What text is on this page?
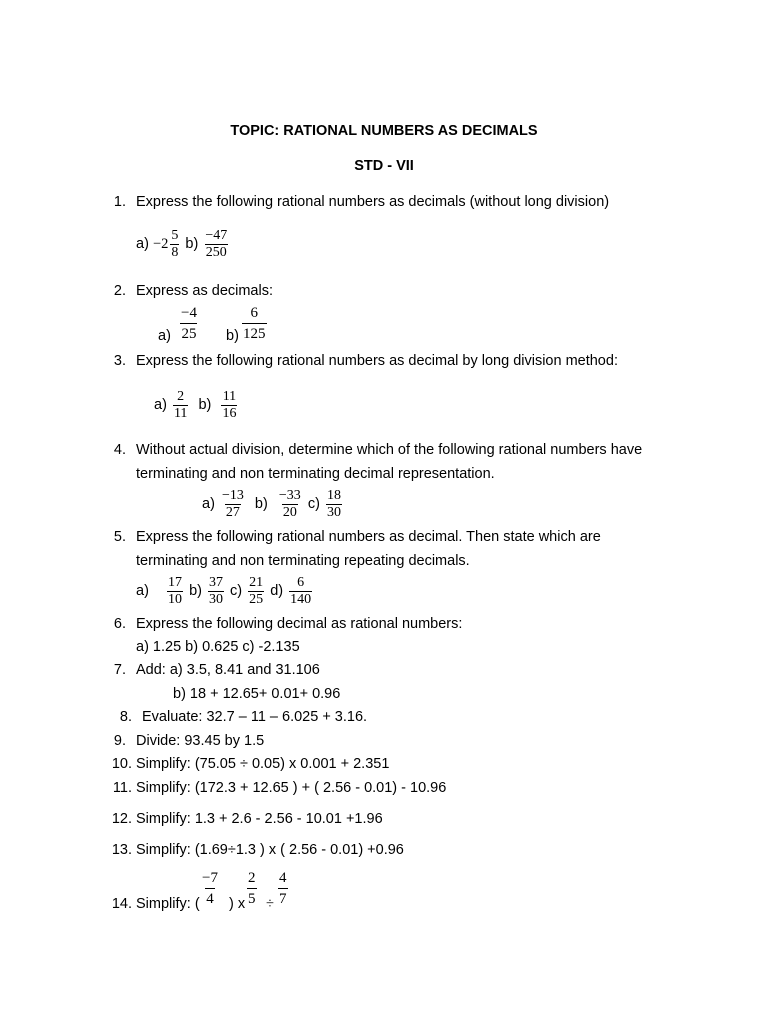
TOPIC: RATIONAL NUMBERS AS DECIMALS
STD - VII
1. Express the following rational numbers as decimals (without long division)
$a) -2 \frac{5}{8} b) \frac{-47}{250}$
2. Express as decimals:
$a) \frac{-4}{25} b) \frac{6}{125}$
3. Express the following rational numbers as decimal by long division method:
$a) \frac{2}{11} b) \frac{11}{16}$
4. Without actual division, determine which of the following rational numbers have
terminating and non terminating decimal representation.
$a) \frac{-13}{27} b) \frac{-33}{20} c) \frac{18}{30}$
5. Express the following rational numbers as decimal. Then state which are
terminating and non terminating repeating decimals.
$a) \frac{17}{10} b) \frac{37}{30} c) \frac{21}{25} d) \frac{6}{140}$
6. Express the following decimal as rational numbers:
a) 1.25 b) 0.625 c) -2.135
7. Add: a) 3.5, 8.41 and 31.106
b) 18 + 12.65+ 0.01+ 0.96
8. Evaluate: 32.7 – 11 – 6.025 + 3.16.
9. Divide: 93.45 by 1.5
10. Simplify: (75.05 ÷ 0.05) x 0.001 + 2.351
11. Simplify: (172.3 + 12.65 ) + ( 2.56 - 0.01) - 10.96
12. Simplify: 1.3 + 2.6 - 2.56 - 10.01 +1.96
13. Simplify: (1.69÷1.3 ) x ( 2.56 - 0.01) +0.96
14. Simplify: ( $\frac{-7}{4}$ ) x $\frac{2}{5} \div \frac{4}{7}$
